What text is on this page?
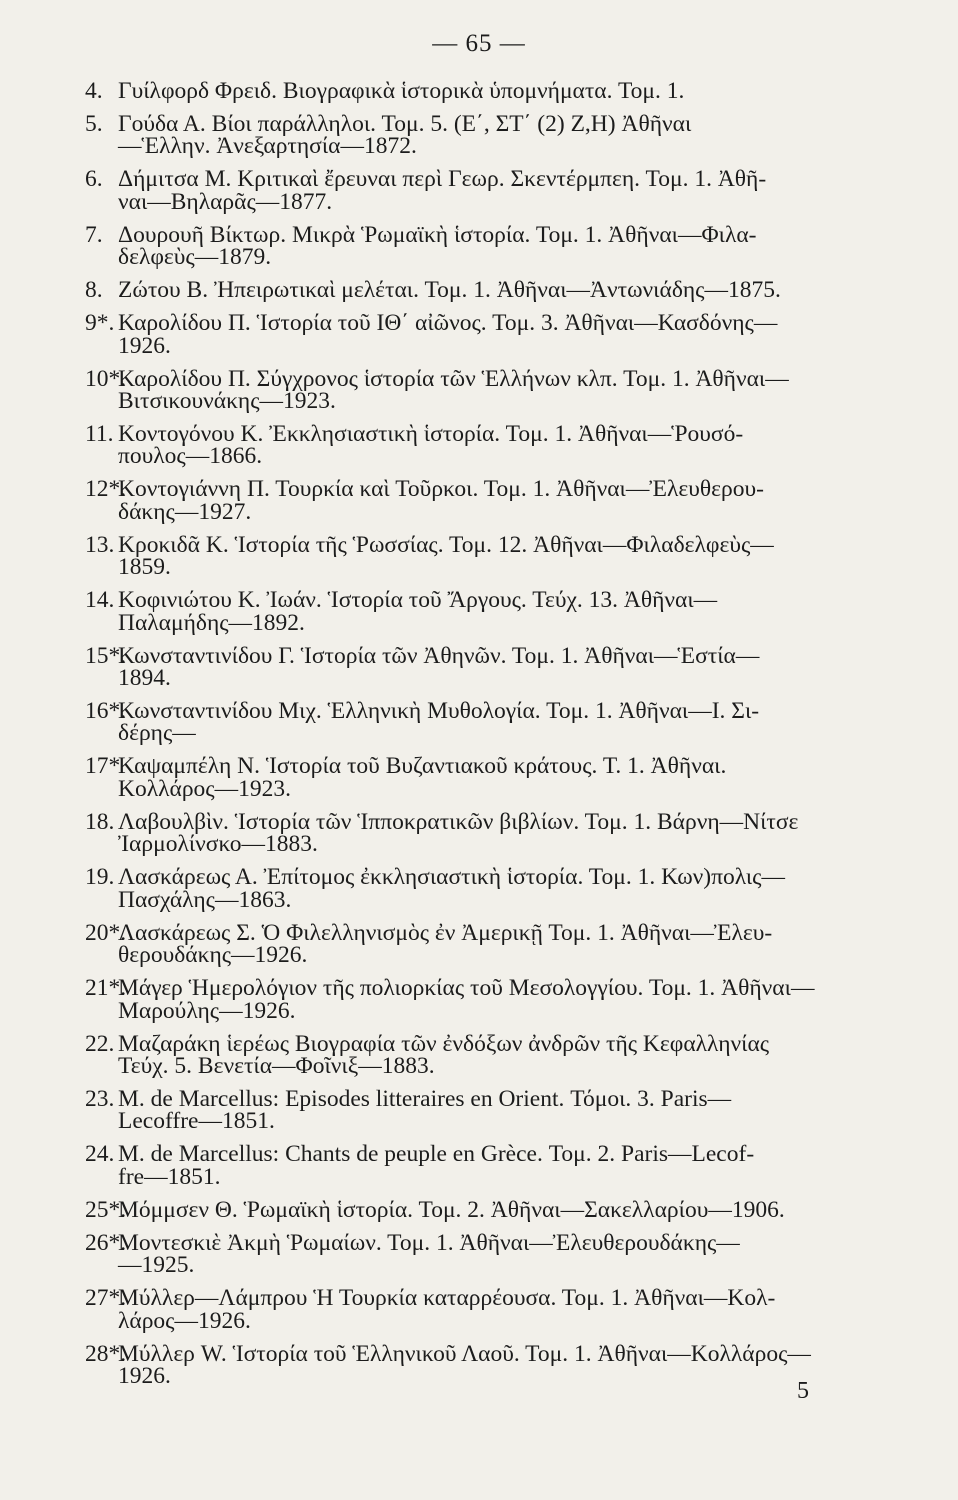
— 65 —
4. Γυίλφορδ Φρειδ. Βιογραφικὰ ἱστορικὰ ὑπομνήματα. Τομ. 1.
5. Γούδα Α. Βίοι παράλληλοι. Τομ. 5. (Ε΄, ΣΤ΄ (2) Ζ,Η) Ἀθῆναι
—Ἑλλην. Ἀνεξαρτησία—1872.
6. Δήμιτσα Μ. Κριτικαὶ ἔρευναι περὶ Γεωρ. Σκεντέρμπεη. Τομ. 1. Ἀθῆ-
ναι—Βηλαρᾶς—1877.
7. Δουρουῆ Βίκτωρ. Μικρὰ Ῥωμαϊκὴ ἱστορία. Τομ. 1. Ἀθῆναι—Φιλα-
δελφεὺς—1879.
8. Ζώτου Β. Ἠπειρωτικαὶ μελέται. Τομ. 1. Ἀθῆναι—Ἀντωνιάδης—1875.
9*. Καρολίδου Π. Ἱστορία τοῦ ΙΘ΄ αἰῶνος. Τομ. 3. Ἀθῆναι—Κασδόνης—
1926.
10*.
Καρολίδου Π. Σύγχρονος ἱστορία τῶν Ἑλλήνων κλπ. Τομ. 1. Ἀθῆναι—
Βιτσικουνάκης—1923.
11. Κοντογόνου Κ. Ἐκκλησιαστικὴ ἱστορία. Τομ. 1. Ἀθῆναι—Ῥουσό-
πουλος—1866.
12*.
Κοντογιάννη Π. Τουρκία καὶ Τοῦρκοι. Τομ. 1. Ἀθῆναι—Ἐλευθερου-
δάκης—1927.
13. Κροκιδᾶ Κ. Ἱστορία τῆς Ῥωσσίας. Τομ. 12. Ἀθῆναι—Φιλαδελφεὺς—
1859.
14. Κοφινιώτου Κ. Ἰωάν. Ἱστορία τοῦ Ἄργους. Τεύχ. 13. Ἀθῆναι—
Παλαμήδης—1892.
15*.
Κωνσταντινίδου Γ. Ἱστορία τῶν Ἀθηνῶν. Τομ. 1. Ἀθῆναι—Ἑστία—
1894.
16*.
Κωνσταντινίδου Μιχ. Ἑλληνικὴ Μυθολογία. Τομ. 1. Ἀθῆναι—Ι. Σι-
δέρης—
17*
Καψαμπέλη Ν. Ἱστορία τοῦ Βυζαντιακοῦ κράτους. Τ. 1. Ἀθῆναι.
Κολλάρος—1923.
18. Λαβουλβὶν. Ἱστορία τῶν Ἱπποκρατικῶν βιβλίων. Τομ. 1. Βάρνη—Νίτσε
Ἰαρμολίνσκο—1883.
19. Λασκάρεως Α. Ἐπίτομος ἐκκλησιαστικὴ ἱστορία. Τομ. 1. Κων)πολις—
Πασχάλης—1863.
20*.
Λασκάρεως Σ. Ὁ Φιλελληνισμὸς ἐν Ἀμερικῇ Τομ. 1. Ἀθῆναι—Ἐλευ-
θερουδάκης—1926.
21*.
Μάγερ Ἡμερολόγιον τῆς πολιορκίας τοῦ Μεσολογγίου. Τομ. 1. Ἀθῆναι—
Μαρούλης—1926.
22. Μαζαράκη ἱερέως Βιογραφία τῶν ἐνδόξων ἀνδρῶν τῆς Κεφαλληνίας
Τεύχ. 5. Βενετία—Φοῖνιξ—1883.
23. M. de Marcellus: Episodes litteraires en Orient. Τόμοι. 3. Paris—
Lecoffre—1851.
24. M. de Marcellus: Chants de peuple en Grèce. Τομ. 2. Paris—Lecof-
fre—1851.
25*.
Μόμμσεν Θ. Ῥωμαϊκὴ ἱστορία. Τομ. 2. Ἀθῆναι—Σακελλαρίου—1906.
26*.
Μοντεσκιὲ Ἀκμὴ Ῥωμαίων. Τομ. 1. Ἀθῆναι—Ἐλευθερουδάκης—
—1925.
27*.
Μύλλερ—Λάμπρου Ἡ Τουρκία καταρρέουσα. Τομ. 1. Ἀθῆναι—Κολ-
λάρος—1926.
28*.
Μύλλερ W. Ἱστορία τοῦ Ἑλληνικοῦ Λαοῦ. Τομ. 1. Ἀθῆναι—Κολλάρος—
1926.
5
